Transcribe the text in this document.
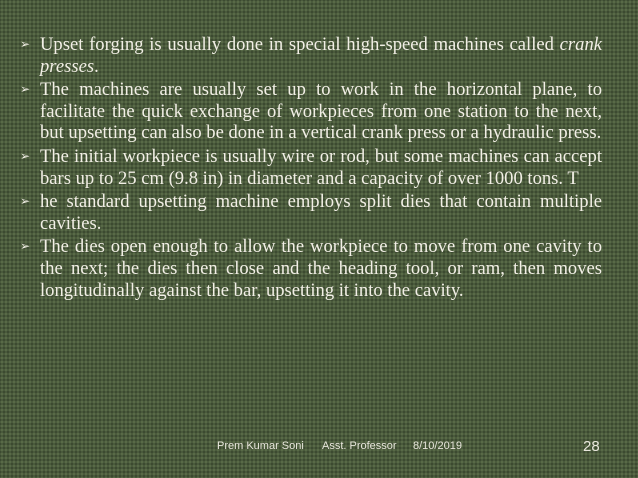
➢ Upset forging is usually done in special high-speed machines called crank presses.
➢ The machines are usually set up to work in the horizontal plane, to facilitate the quick exchange of workpieces from one station to the next, but upsetting can also be done in a vertical crank press or a hydraulic press.
➢ The initial workpiece is usually wire or rod, but some machines can accept bars up to 25 cm (9.8 in) in diameter and a capacity of over 1000 tons. T
➢ he standard upsetting machine employs split dies that contain multiple cavities.
➢ The dies open enough to allow the workpiece to move from one cavity to the next; the dies then close and the heading tool, or ram, then moves longitudinally against the bar, upsetting it into the cavity.
Prem Kumar Soni Asst. Professor 8/10/2019	28
